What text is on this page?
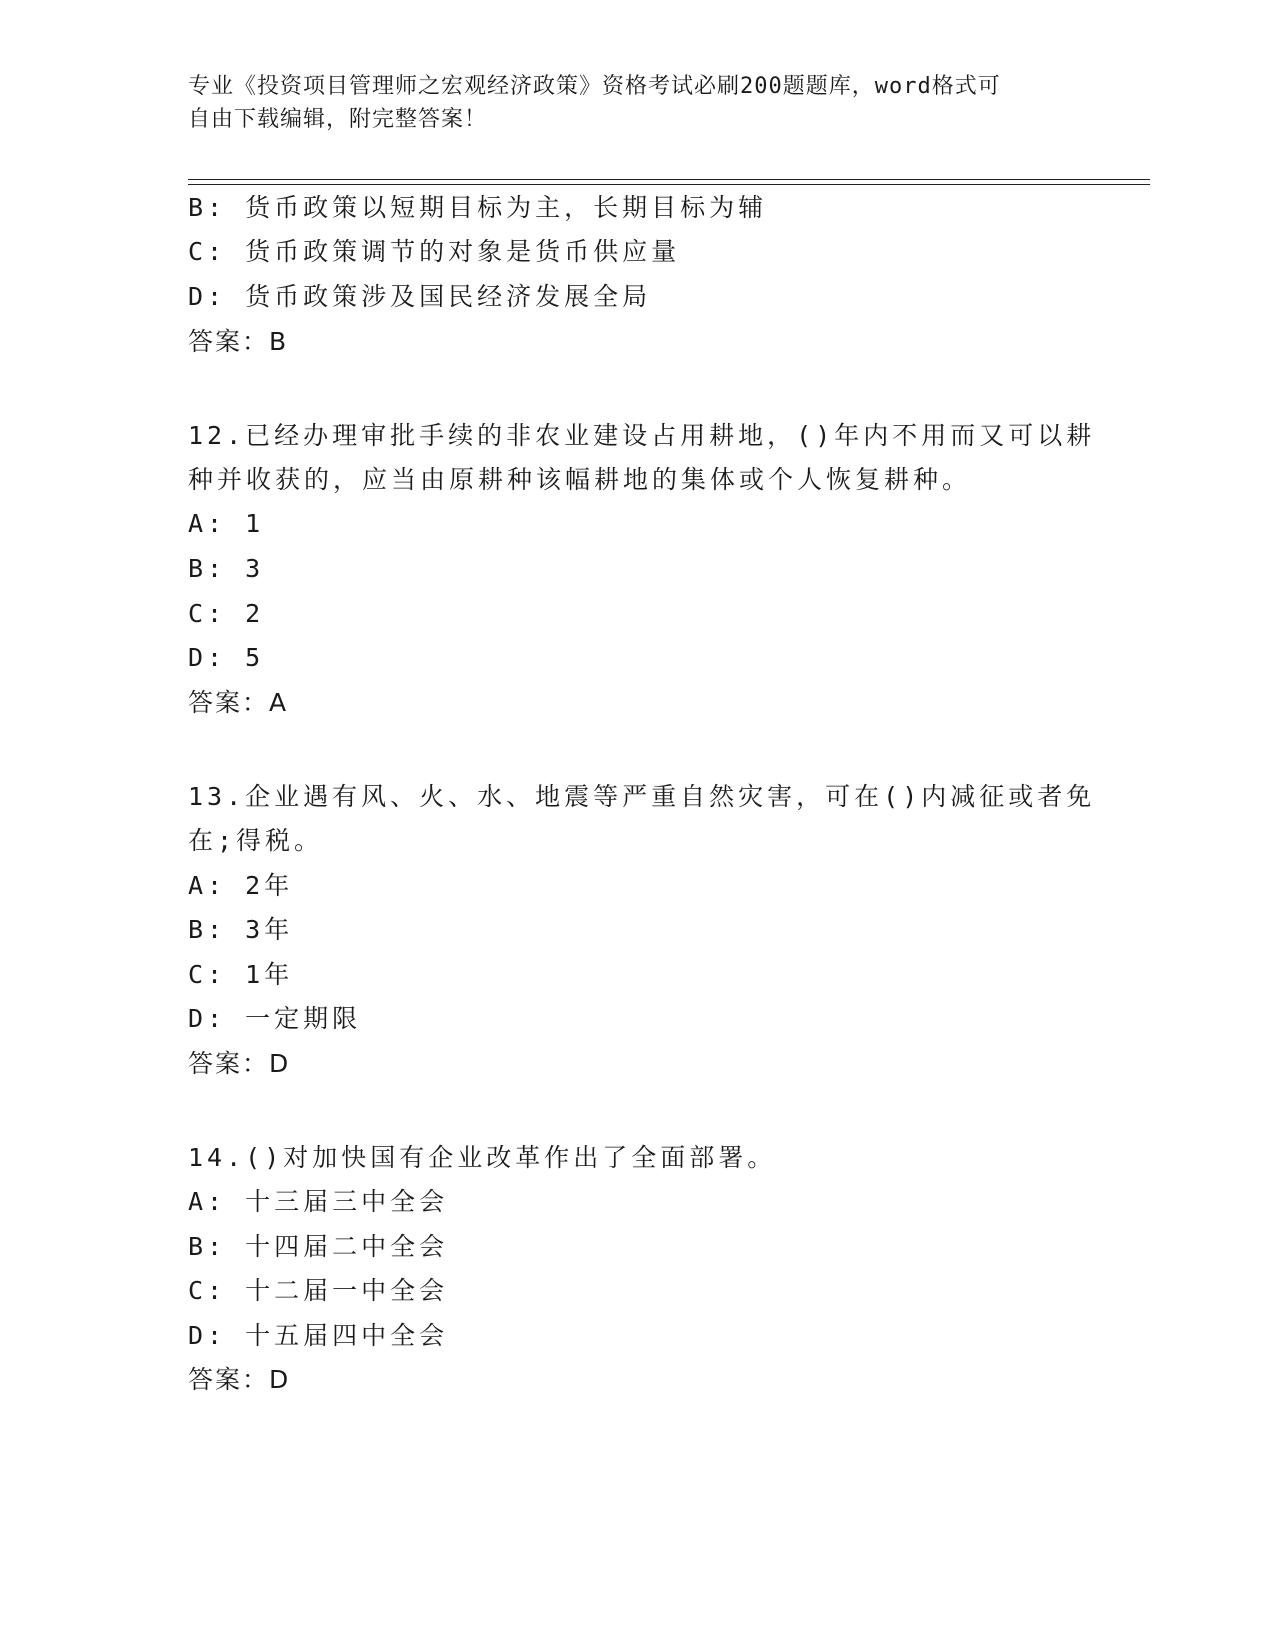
专业《投资项目管理师之宏观经济政策》资格考试必刷200题题库，word格式可
自由下载编辑，附完整答案！
B: 货币政策以短期目标为主，长期目标为辅
C: 货币政策调节的对象是货币供应量
D: 货币政策涉及国民经济发展全局
答案：B
12.已经办理审批手续的非农业建设占用耕地，()年内不用而又可以耕
种并收获的，应当由原耕种该幅耕地的集体或个人恢复耕种。
A: 1
B: 3
C: 2
D: 5
答案：A
13.企业遇有风、火、水、地震等严重自然灾害，可在()内减征或者免
在;得税。
A: 2年
B: 3年
C: 1年
D: 一定期限
答案：D
14.()对加快国有企业改革作出了全面部署。
A: 十三届三中全会
B: 十四届二中全会
C: 十二届一中全会
D: 十五届四中全会
答案：D
